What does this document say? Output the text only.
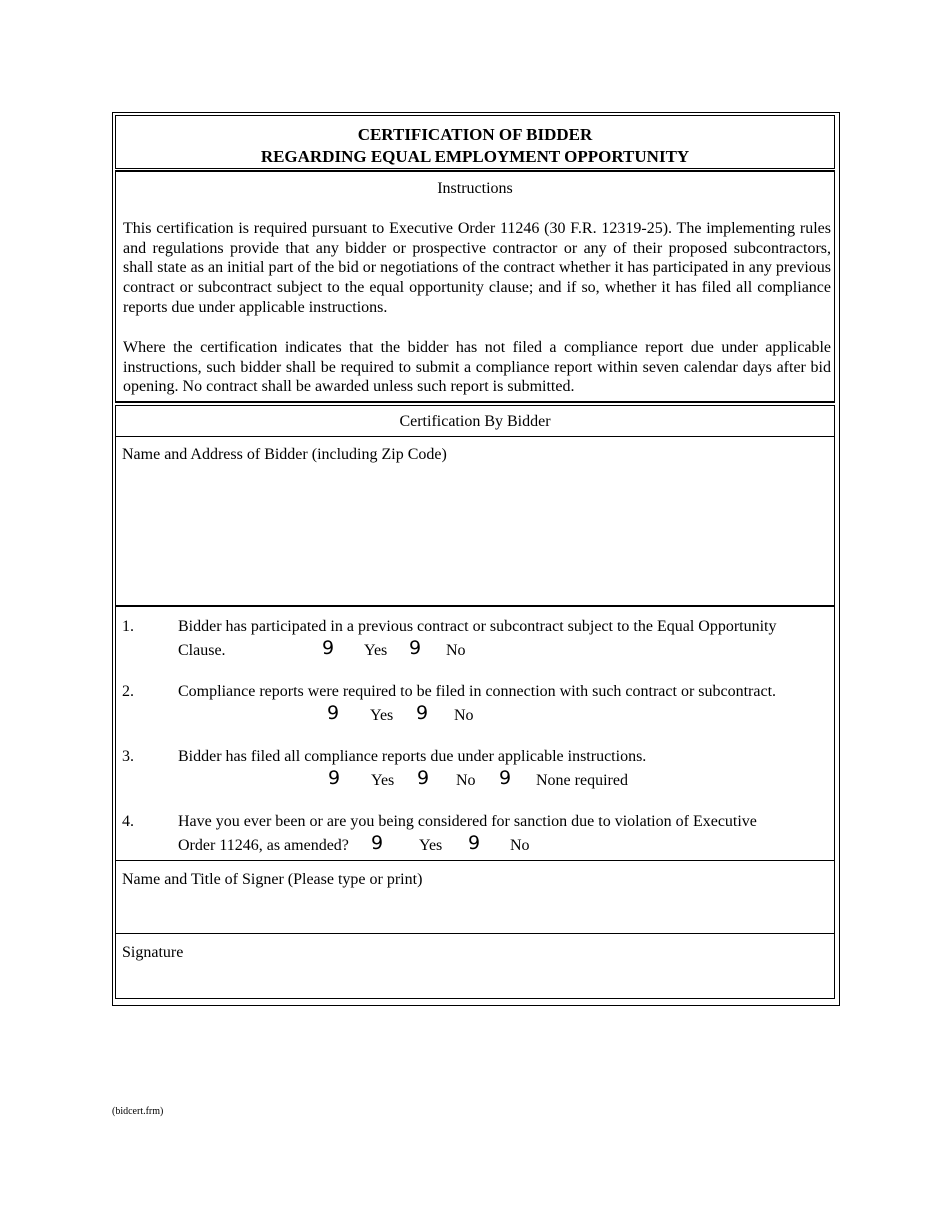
CERTIFICATION OF BIDDER
REGARDING EQUAL EMPLOYMENT OPPORTUNITY
Instructions
This certification is required pursuant to Executive Order 11246 (30 F.R. 12319-25). The implementing rules and regulations provide that any bidder or prospective contractor or any of their proposed subcontractors, shall state as an initial part of the bid or negotiations of the contract whether it has participated in any previous contract or subcontract subject to the equal opportunity clause; and if so, whether it has filed all compliance reports due under applicable instructions.
Where the certification indicates that the bidder has not filed a compliance report due under applicable instructions, such bidder shall be required to submit a compliance report within seven calendar days after bid opening. No contract shall be awarded unless such report is submitted.
Certification By Bidder
Name and Address of Bidder (including Zip Code)
1.	Bidder has participated in a previous contract or subcontract subject to the Equal Opportunity
Clause.	9 Yes 9 No
2.	Compliance reports were required to be filed in connection with such contract or subcontract.
9 Yes 9 No
3.	Bidder has filed all compliance reports due under applicable instructions.
9 Yes 9 No 9 None required
4.	Have you ever been or are you being considered for sanction due to violation of Executive
Order 11246, as amended?	9 Yes 9 No
Name and Title of Signer (Please type or print)
Signature
(bidcert.frm)
